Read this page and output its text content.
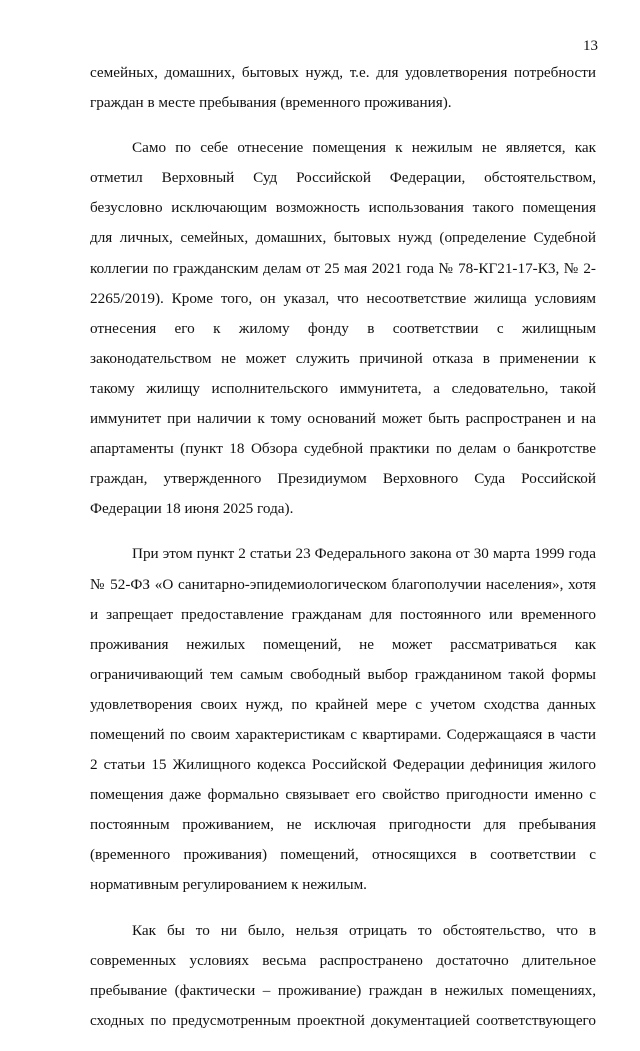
13
семейных, домашних, бытовых нужд, т.е. для удовлетворения потребности
граждан в месте пребывания (временного проживания).
Само по себе отнесение помещения к нежилым не является, как
отметил Верховный Суд Российской Федерации, обстоятельством,
безусловно исключающим возможность использования такого помещения
для личных, семейных, домашних, бытовых нужд (определение Судебной
коллегии по гражданским делам от 25 мая 2021 года № 78-КГ21-17-К3, № 2-
2265/2019). Кроме того, он указал, что несоответствие жилища условиям
отнесения его к жилому фонду в соответствии с жилищным
законодательством не может служить причиной отказа в применении к
такому жилищу исполнительского иммунитета, а следовательно, такой
иммунитет при наличии к тому оснований может быть распространен и на
апартаменты (пункт 18 Обзора судебной практики по делам о банкротстве
граждан, утвержденного Президиумом Верховного Суда Российской
Федерации 18 июня 2025 года).
При этом пункт 2 статьи 23 Федерального закона от 30 марта 1999 года
№ 52-ФЗ «О санитарно-эпидемиологическом благополучии населения», хотя
и запрещает предоставление гражданам для постоянного или временного
проживания нежилых помещений, не может рассматриваться как
ограничивающий тем самым свободный выбор гражданином такой формы
удовлетворения своих нужд, по крайней мере с учетом сходства данных
помещений по своим характеристикам с квартирами. Содержащаяся в части
2 статьи 15 Жилищного кодекса Российской Федерации дефиниция жилого
помещения даже формально связывает его свойство пригодности именно с
постоянным проживанием, не исключая пригодности для пребывания
(временного проживания) помещений, относящихся в соответствии с
нормативным регулированием к нежилым.
Как бы то ни было, нельзя отрицать то обстоятельство, что в
современных условиях весьма распространено достаточно длительное
пребывание (фактически – проживание) граждан в нежилых помещениях,
сходных по предусмотренным проектной документацией соответствующего
